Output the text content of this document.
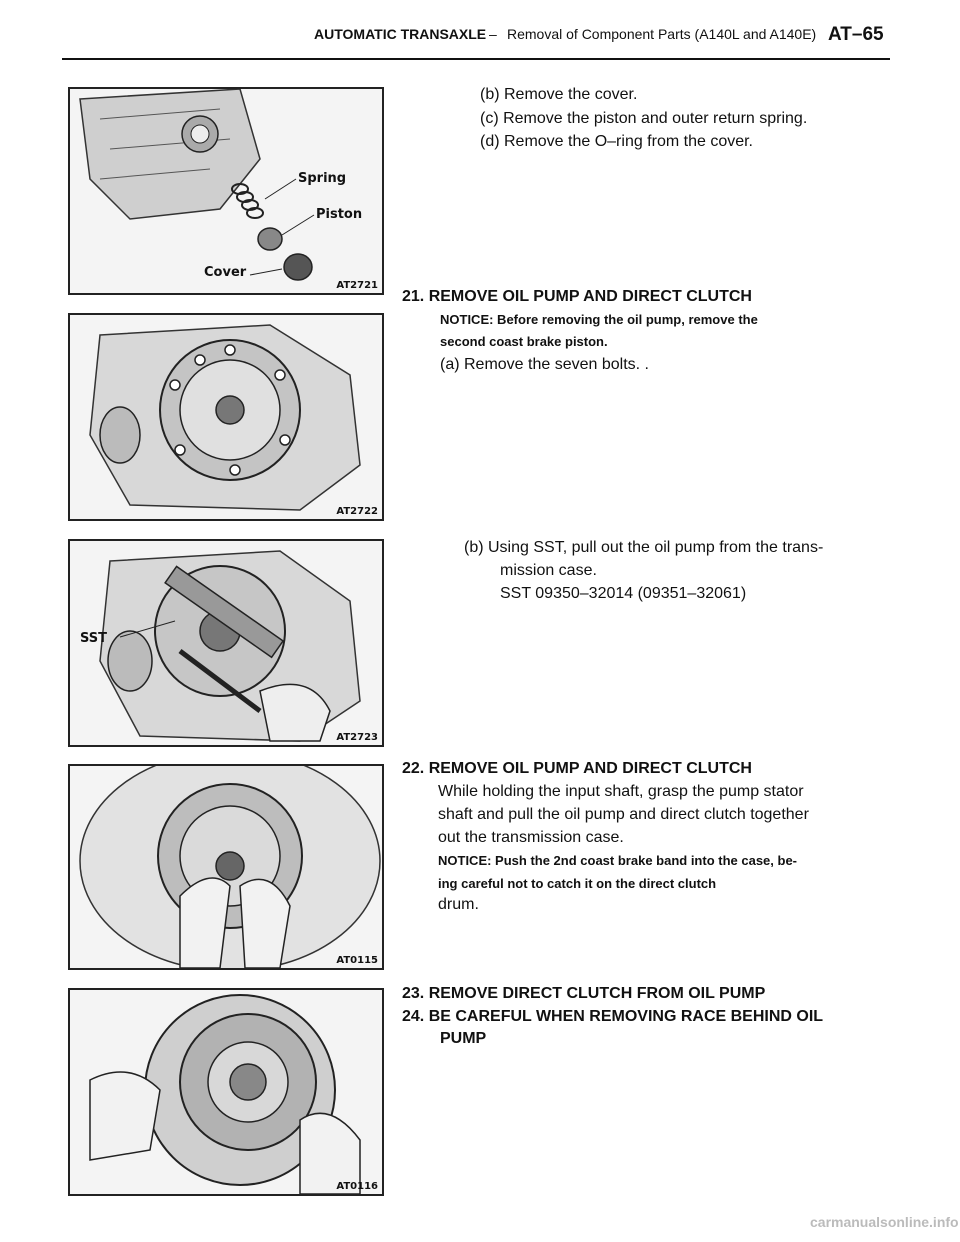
AUTOMATIC TRANSAXLE – Removal of Component Parts (A140L and A140E) AT–65
Spring
Piston
Cover
AT2721
AT2722
SST
AT2723
AT0115
AT0116
(b) Remove the cover.
(c) Remove the piston and outer return spring.
(d) Remove the O–ring from the cover.
21. REMOVE OIL PUMP AND DIRECT CLUTCH
NOTICE: Before removing the oil pump, remove the
second coast brake piston.
(a) Remove the seven bolts. .
(b) Using SST, pull out the oil pump from the trans-
mission case.
SST 09350–32014 (09351–32061)
22. REMOVE OIL PUMP AND DIRECT CLUTCH
While holding the input shaft, grasp the pump stator
shaft and pull the oil pump and direct clutch together
out the transmission case.
NOTICE: Push the 2nd coast brake band into the case, be-
ing careful not to catch it on the direct clutch
drum.
23. REMOVE DIRECT CLUTCH FROM OIL PUMP
24. BE CAREFUL WHEN REMOVING RACE BEHIND OIL
PUMP
carmanualsonline.info
